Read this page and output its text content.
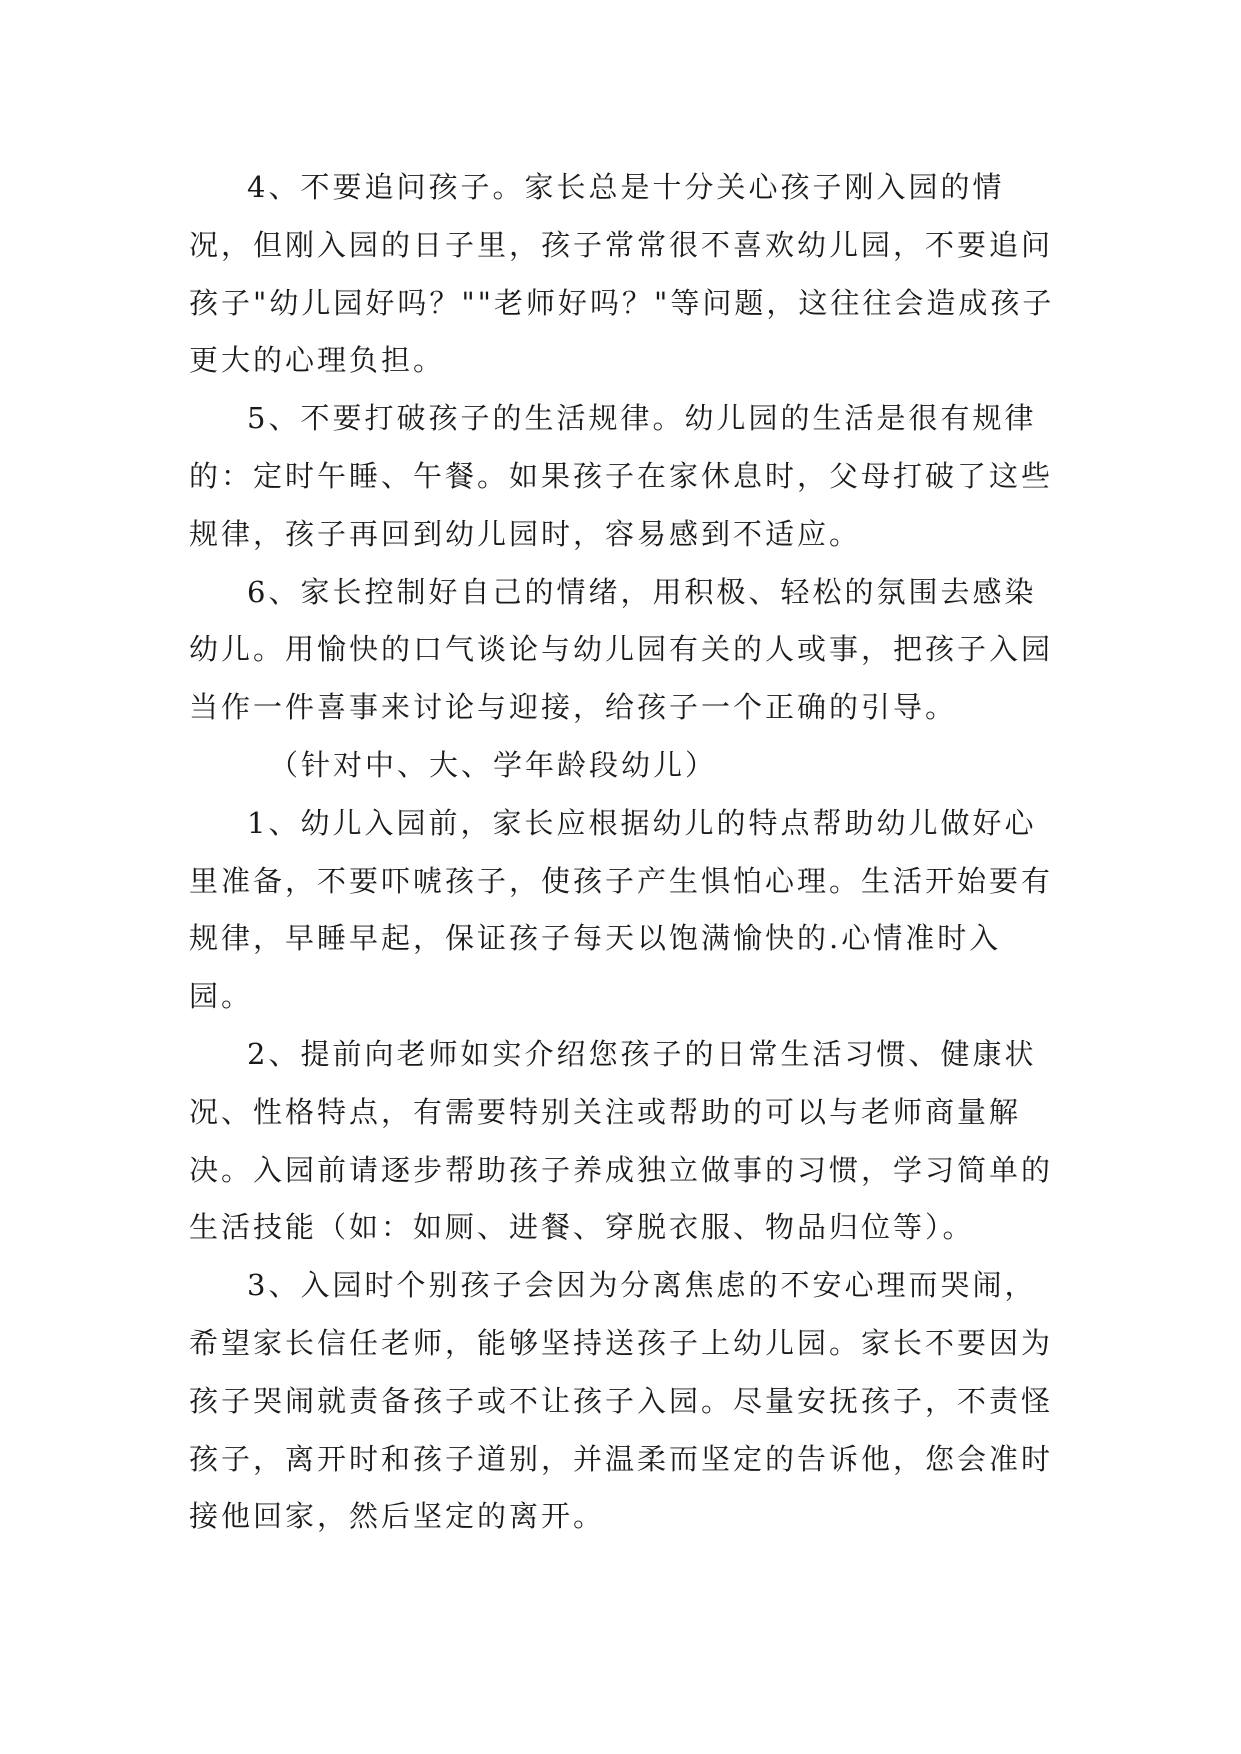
4、不要追问孩子。家长总是十分关心孩子刚入园的情况，但刚入园的日子里，孩子常常很不喜欢幼儿园，不要追问孩子"幼儿园好吗？""老师好吗？"等问题，这往往会造成孩子更大的心理负担。

5、不要打破孩子的生活规律。幼儿园的生活是很有规律的：定时午睡、午餐。如果孩子在家休息时，父母打破了这些规律，孩子再回到幼儿园时，容易感到不适应。

6、家长控制好自己的情绪，用积极、轻松的氛围去感染幼儿。用愉快的口气谈论与幼儿园有关的人或事，把孩子入园当作一件喜事来讨论与迎接，给孩子一个正确的引导。

（针对中、大、学年龄段幼儿）

1、幼儿入园前，家长应根据幼儿的特点帮助幼儿做好心里准备，不要吓唬孩子，使孩子产生惧怕心理。生活开始要有规律，早睡早起，保证孩子每天以饱满愉快的.心情准时入园。

2、提前向老师如实介绍您孩子的日常生活习惯、健康状况、性格特点，有需要特别关注或帮助的可以与老师商量解决。入园前请逐步帮助孩子养成独立做事的习惯，学习简单的生活技能（如：如厕、进餐、穿脱衣服、物品归位等）。

3、入园时个别孩子会因为分离焦虑的不安心理而哭闹，希望家长信任老师，能够坚持送孩子上幼儿园。家长不要因为孩子哭闹就责备孩子或不让孩子入园。尽量安抚孩子，不责怪孩子，离开时和孩子道别，并温柔而坚定的告诉他，您会准时接他回家，然后坚定的离开。
